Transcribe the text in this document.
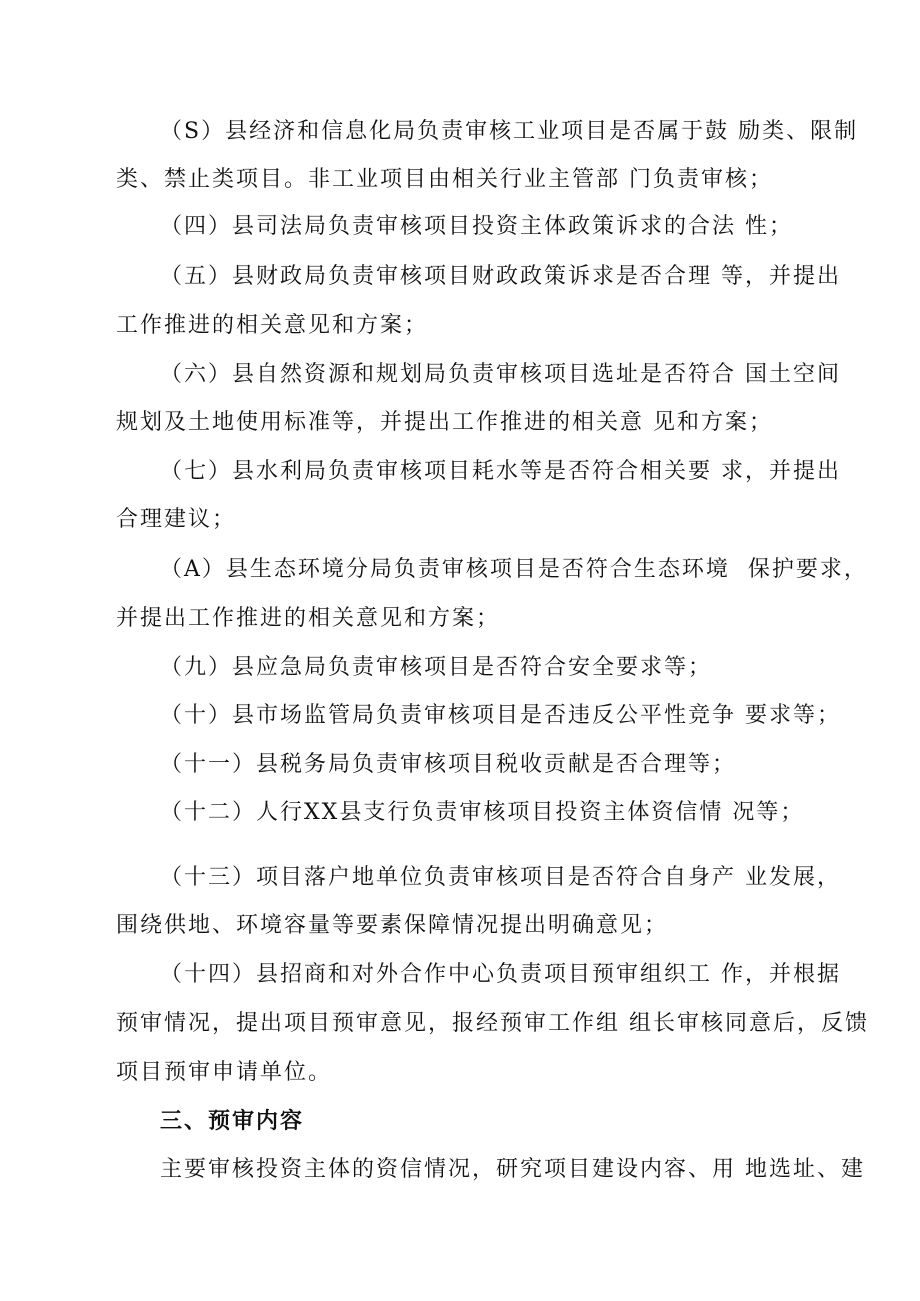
（S）县经济和信息化局负责审核工业项目是否属于鼓 励类、限制
类、禁止类项目。非工业项目由相关行业主管部 门负责审核；
（四）县司法局负责审核项目投资主体政策诉求的合法 性；
（五）县财政局负责审核项目财政政策诉求是否合理 等，并提出
工作推进的相关意见和方案；
（六）县自然资源和规划局负责审核项目选址是否符合 国土空间
规划及土地使用标准等，并提出工作推进的相关意 见和方案；
（七）县水利局负责审核项目耗水等是否符合相关要 求，并提出
合理建议；
（A）县生态环境分局负责审核项目是否符合生态环境  保护要求，
并提出工作推进的相关意见和方案；
（九）县应急局负责审核项目是否符合安全要求等；
（十）县市场监管局负责审核项目是否违反公平性竞争 要求等；
（十一）县税务局负责审核项目税收贡献是否合理等；
（十二）人行XX县支行负责审核项目投资主体资信情 况等；
（十三）项目落户地单位负责审核项目是否符合自身产 业发展，
围绕供地、环境容量等要素保障情况提出明确意见；
（十四）县招商和对外合作中心负责项目预审组织工 作，并根据
预审情况，提出项目预审意见，报经预审工作组 组长审核同意后，反馈
项目预审申请单位。
三、预审内容
主要审核投资主体的资信情况，研究项目建设内容、用 地选址、建
